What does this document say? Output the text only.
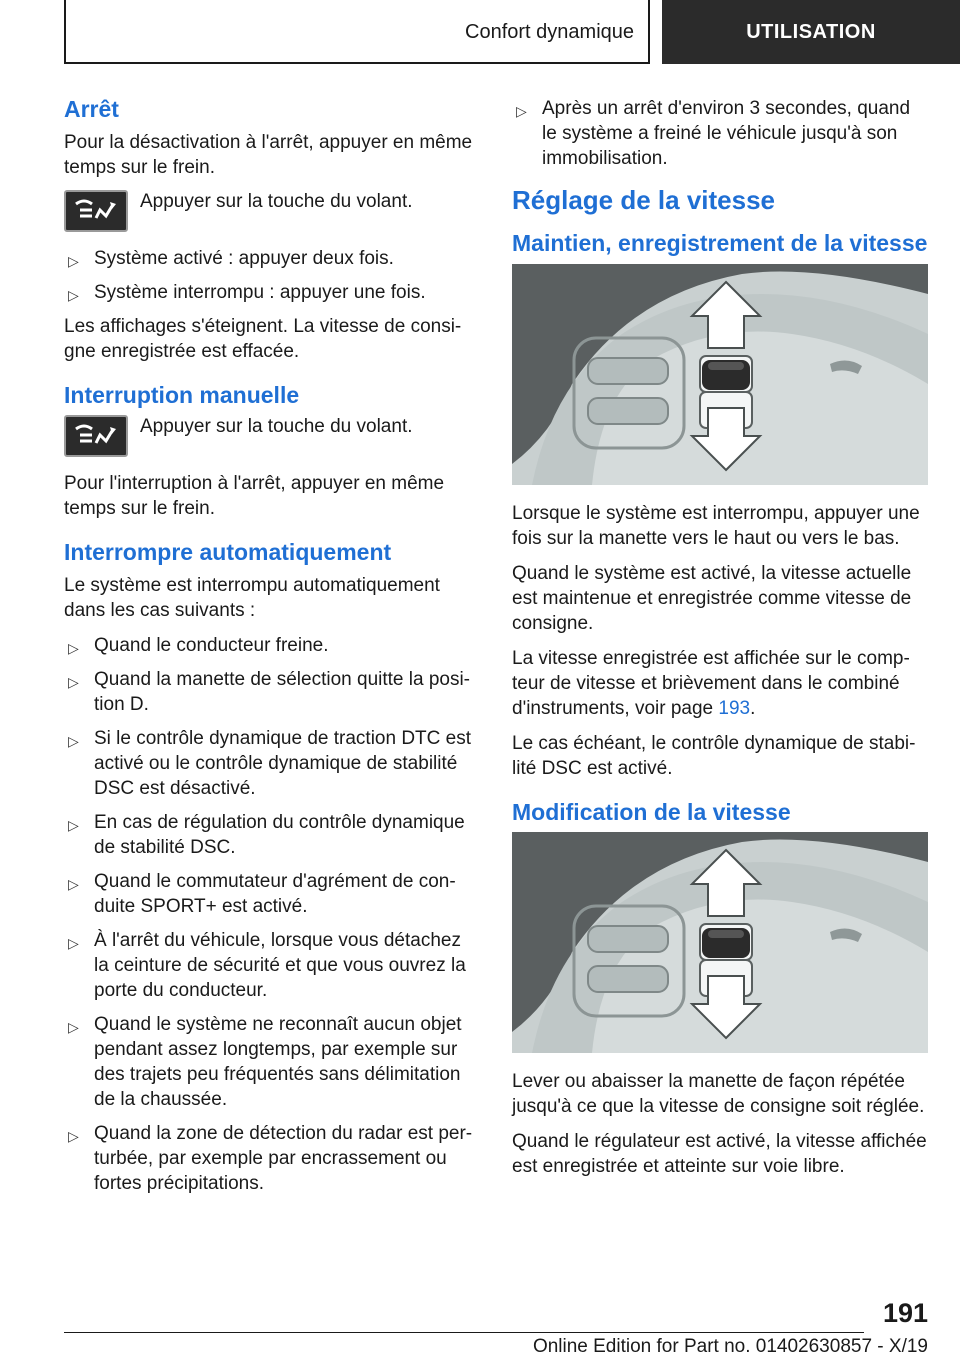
Confort dynamique	UTILISATION
Arrêt

Pour la désactivation à l'arrêt, appuyer en même temps sur le frein.

Appuyer sur la touche du volant.

▷ Système activé : appuyer deux fois.
▷ Système interrompu : appuyer une fois.

Les affichages s'éteignent. La vitesse de consi-gne enregistrée est effacée.

Interruption manuelle

Appuyer sur la touche du volant.

Pour l'interruption à l'arrêt, appuyer en même temps sur le frein.

Interrompre automatiquement

Le système est interrompu automatiquement dans les cas suivants :

▷ Quand le conducteur freine.
▷ Quand la manette de sélection quitte la posi-tion D.
▷ Si le contrôle dynamique de traction DTC est activé ou le contrôle dynamique de stabilité DSC est désactivé.
▷ En cas de régulation du contrôle dynamique de stabilité DSC.
▷ Quand le commutateur d'agrément de con-duite SPORT+ est activé.
▷ À l'arrêt du véhicule, lorsque vous détachez la ceinture de sécurité et que vous ouvrez la porte du conducteur.
▷ Quand le système ne reconnaît aucun objet pendant assez longtemps, par exemple sur des trajets peu fréquentés sans délimitation de la chaussée.
▷ Quand la zone de détection du radar est per-turbée, par exemple par encrassement ou fortes précipitations.
▷ Après un arrêt d'environ 3 secondes, quand le système a freiné le véhicule jusqu'à son immobilisation.
Réglage de la vitesse
Maintien, enregistrement de la vitesse

Lorsque le système est interrompu, appuyer une fois sur la manette vers le haut ou vers le bas.

Quand le système est activé, la vitesse actuelle est maintenue et enregistrée comme vitesse de consigne.

La vitesse enregistrée est affichée sur le comp-teur de vitesse et brièvement dans le combiné d'instruments, voir page 193.

Le cas échéant, le contrôle dynamique de stabi-lité DSC est activé.

Modification de la vitesse

Lever ou abaisser la manette de façon répétée jusqu'à ce que la vitesse de consigne soit réglée.

Quand le régulateur est activé, la vitesse affichée est enregistrée et atteinte sur voie libre.

191
Online Edition for Part no. 01402630857 - X/19
